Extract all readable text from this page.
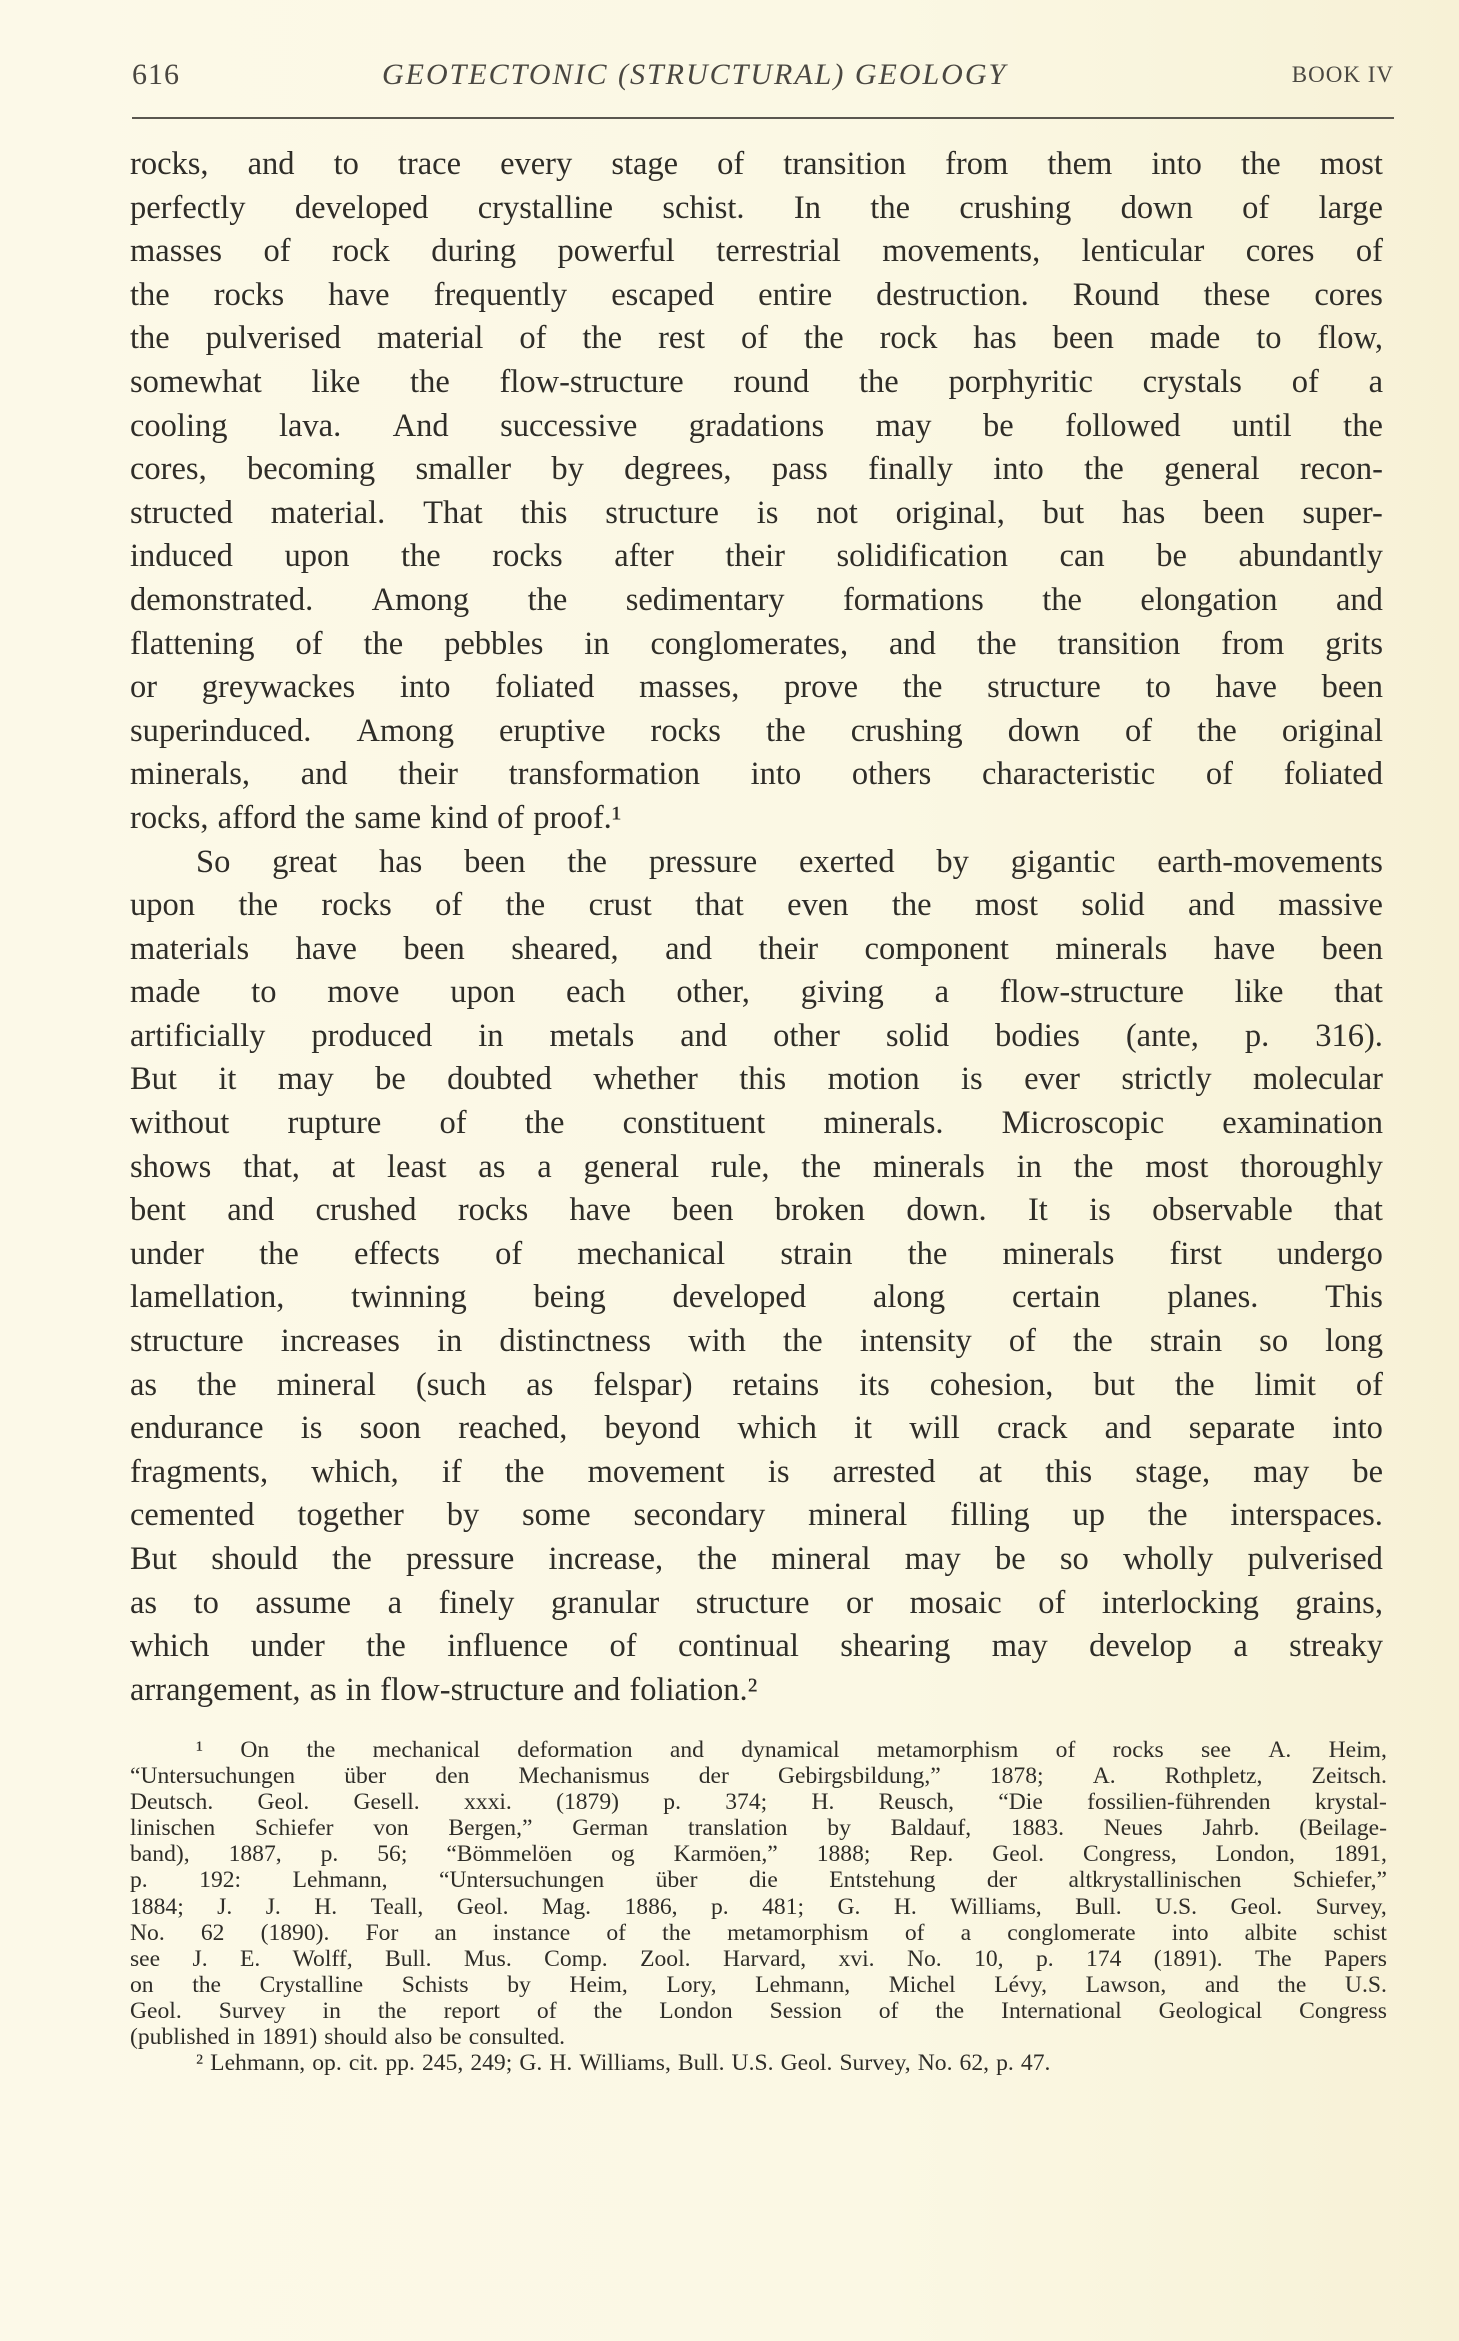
616	GEOTECTONIC (STRUCTURAL) GEOLOGY	BOOK IV
rocks, and to trace every stage of transition from them into the most
perfectly developed crystalline schist. In the crushing down of large
masses of rock during powerful terrestrial movements, lenticular cores of
the rocks have frequently escaped entire destruction. Round these cores
the pulverised material of the rest of the rock has been made to flow,
somewhat like the flow-structure round the porphyritic crystals of a
cooling lava. And successive gradations may be followed until the
cores, becoming smaller by degrees, pass finally into the general recon-
structed material. That this structure is not original, but has been super-
induced upon the rocks after their solidification can be abundantly
demonstrated. Among the sedimentary formations the elongation and
flattening of the pebbles in conglomerates, and the transition from grits
or greywackes into foliated masses, prove the structure to have been
superinduced. Among eruptive rocks the crushing down of the original
minerals, and their transformation into others characteristic of foliated
rocks, afford the same kind of proof.¹
So great has been the pressure exerted by gigantic earth-movements
upon the rocks of the crust that even the most solid and massive
materials have been sheared, and their component minerals have been
made to move upon each other, giving a flow-structure like that
artificially produced in metals and other solid bodies (ante, p. 316).
But it may be doubted whether this motion is ever strictly molecular
without rupture of the constituent minerals. Microscopic examination
shows that, at least as a general rule, the minerals in the most thoroughly
bent and crushed rocks have been broken down. It is observable that
under the effects of mechanical strain the minerals first undergo
lamellation, twinning being developed along certain planes. This
structure increases in distinctness with the intensity of the strain so long
as the mineral (such as felspar) retains its cohesion, but the limit of
endurance is soon reached, beyond which it will crack and separate into
fragments, which, if the movement is arrested at this stage, may be
cemented together by some secondary mineral filling up the interspaces.
But should the pressure increase, the mineral may be so wholly pulverised
as to assume a finely granular structure or mosaic of interlocking grains,
which under the influence of continual shearing may develop a streaky
arrangement, as in flow-structure and foliation.²
¹ On the mechanical deformation and dynamical metamorphism of rocks see A. Heim,
“Untersuchungen über den Mechanismus der Gebirgsbildung,” 1878; A. Rothpletz, Zeitsch.
Deutsch. Geol. Gesell. xxxi. (1879) p. 374; H. Reusch, “Die fossilien-führenden krystal-
linischen Schiefer von Bergen,” German translation by Baldauf, 1883. Neues Jahrb. (Beilage-
band), 1887, p. 56; “Bömmelöen og Karmöen,” 1888; Rep. Geol. Congress, London, 1891,
p. 192: Lehmann, “Untersuchungen über die Entstehung der altkrystallinischen Schiefer,”
1884; J. J. H. Teall, Geol. Mag. 1886, p. 481; G. H. Williams, Bull. U.S. Geol. Survey,
No. 62 (1890). For an instance of the metamorphism of a conglomerate into albite schist
see J. E. Wolff, Bull. Mus. Comp. Zool. Harvard, xvi. No. 10, p. 174 (1891). The Papers
on the Crystalline Schists by Heim, Lory, Lehmann, Michel Lévy, Lawson, and the U.S.
Geol. Survey in the report of the London Session of the International Geological Congress
(published in 1891) should also be consulted.
² Lehmann, op. cit. pp. 245, 249; G. H. Williams, Bull. U.S. Geol. Survey, No. 62, p. 47.
